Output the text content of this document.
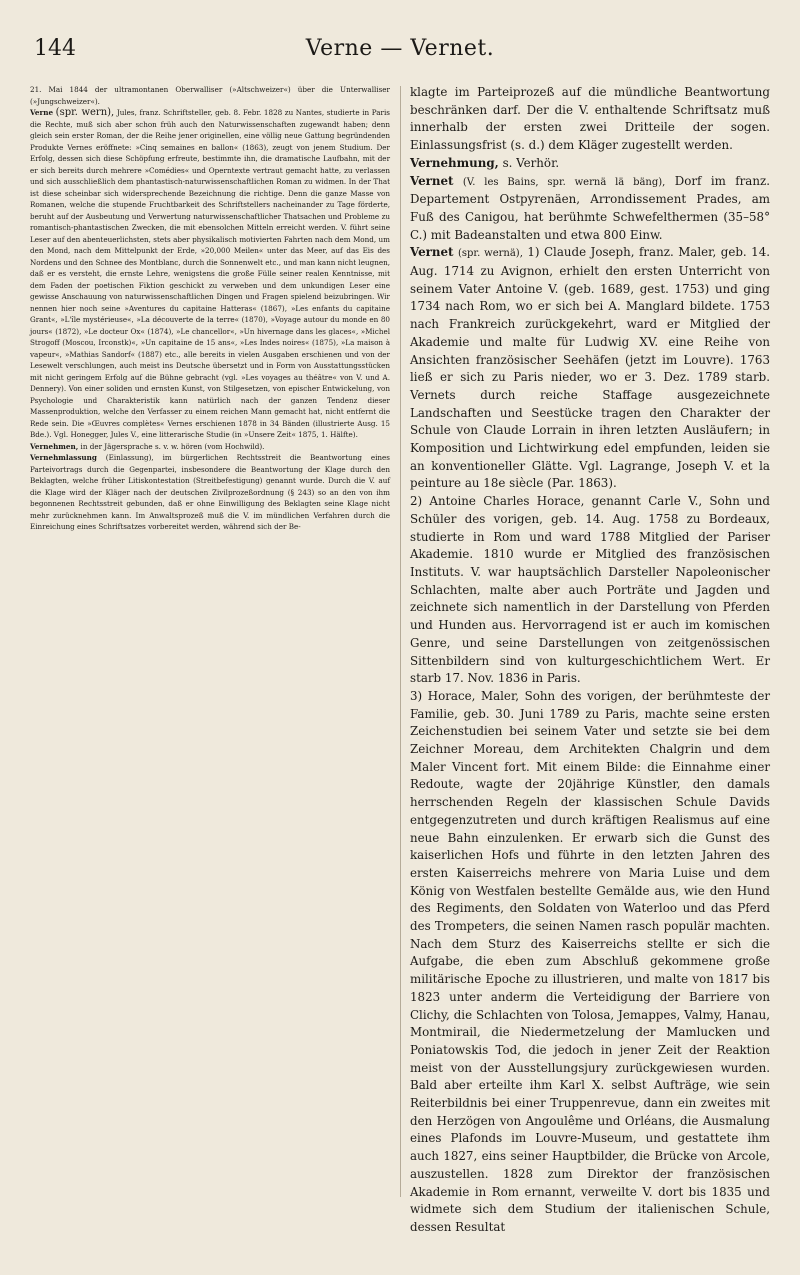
144	Verne — Vernet.

21. Mai 1844 der ultramontanen Oberwalliser (»Altschweizer«) über die Unterwalliser (»Jungschweizer«).

Verne (spr. wern), Jules, franz. Schriftsteller, geb. 8. Febr. 1828 zu Nantes, studierte in Paris die Rechte, muß sich aber schon früh auch den Naturwissenschaften zugewandt haben; denn gleich sein erster Roman, der die Reihe jener originellen, eine völlig neue Gattung begründenden Produkte Vernes eröffnete: »Cinq semaines en ballon« (1863), zeugt von jenem Studium. Der Erfolg, dessen sich diese Schöpfung erfreute, bestimmte ihn, die dramatische Laufbahn, mit der er sich bereits durch mehrere »Comédies« und Operntexte vertraut gemacht hatte, zu verlassen und sich ausschließlich dem phantastisch-naturwissenschaftlichen Roman zu widmen. In der That ist diese scheinbar sich widersprechende Bezeichnung die richtige. Denn die ganze Masse von Romanen, welche die stupende Fruchtbarkeit des Schriftstellers nacheinander zu Tage förderte, beruht auf der Ausbeutung und Verwertung naturwissenschaftlicher Thatsachen und Probleme zu romantisch-phantastischen Zwecken, die mit ebensolchen Mitteln erreicht werden. V. führt seine Leser auf den abenteuerlichsten, stets aber physikalisch motivierten Fahrten nach dem Mond, um den Mond, nach dem Mittelpunkt der Erde, »20,000 Meilen« unter das Meer, auf das Eis des Nordens und den Schnee des Montblanc, durch die Sonnenwelt etc., und man kann nicht leugnen, daß er es versteht, die ernste Lehre, wenigstens die große Fülle seiner realen Kenntnisse, mit dem Faden der poetischen Fiktion geschickt zu verweben und dem unkundigen Leser eine gewisse Anschauung von naturwissenschaftlichen Dingen und Fragen spielend beizubringen. Wir nennen hier noch seine »Aventures du capitaine Hatteras« (1867), »Les enfants du capitaine Grant«, »L'île mystérieuse«, »La découverte de la terre« (1870), »Voyage autour du monde en 80 jours« (1872), »Le docteur Ox« (1874), »Le chancellor«, »Un hivernage dans les glaces«, »Michel Strogoff (Moscou, Irconstk)«, »Un capitaine de 15 ans«, »Les Indes noires« (1875), »La maison à vapeur«, »Mathias Sandorf« (1887) etc., alle bereits in vielen Ausgaben erschienen und von der Lesewelt verschlungen, auch meist ins Deutsche übersetzt und in Form von Ausstattungsstücken mit nicht geringem Erfolg auf die Bühne gebracht (vgl. »Les voyages au théâtre« von V. und A. Dennery). Von einer soliden und ernsten Kunst, von Stilgesetzen, von epischer Entwickelung, von Psychologie und Charakteristik kann natürlich nach der ganzen Tendenz dieser Massenproduktion, welche den Verfasser zu einem reichen Mann gemacht hat, nicht entfernt die Rede sein. Die »Œuvres complètes« Vernes erschienen 1878 in 34 Bänden (illustrierte Ausg. 15 Bde.). Vgl. Honegger, Jules V., eine litterarische Studie (in »Unsere Zeit« 1875, 1. Hälfte).

Vernehmen, in der Jägersprache s. v. w. hören (vom Hochwild).

Vernehmlassung (Einlassung), im bürgerlichen Rechtsstreit die Beantwortung eines Parteivortrags durch die Gegenpartei, insbesondere die Beantwortung der Klage durch den Beklagten, welche früher Litiskontestation (Streitbefestigung) genannt wurde. Durch die V. auf die Klage wird der Kläger nach der deutschen Zivilprozeßordnung (§ 243) so an den von ihm begonnenen Rechtsstreit gebunden, daß er ohne Einwilligung des Beklagten seine Klage nicht mehr zurücknehmen kann. Im Anwaltsprozeß muß die V. im mündlichen Verfahren durch die Einreichung eines Schriftsatzes vorbereitet werden, während sich der Be-

klagte im Parteiprozeß auf die mündliche Beantwortung beschränken darf. Der die V. enthaltende Schriftsatz muß innerhalb der ersten zwei Dritteile der sogen. Einlassungsfrist (s. d.) dem Kläger zugestellt werden.

Vernehmung, s. Verhör.

Vernet (V. les Bains, spr. wernä lä bäng), Dorf im franz. Departement Ostpyrenäen, Arrondissement Prades, am Fuß des Canigou, hat berühmte Schwefelthermen (35–58° C.) mit Badeanstalten und etwa 800 Einw.

Vernet (spr. wernä), 1) Claude Joseph, franz. Maler, geb. 14. Aug. 1714 zu Avignon, erhielt den ersten Unterricht von seinem Vater Antoine V. (geb. 1689, gest. 1753) und ging 1734 nach Rom, wo er sich bei A. Manglard bildete. 1753 nach Frankreich zurückgekehrt, ward er Mitglied der Akademie und malte für Ludwig XV. eine Reihe von Ansichten französischer Seehäfen (jetzt im Louvre). 1763 ließ er sich zu Paris nieder, wo er 3. Dez. 1789 starb. Vernets durch reiche Staffage ausgezeichnete Landschaften und Seestücke tragen den Charakter der Schule von Claude Lorrain in ihren letzten Ausläufern; in Komposition und Lichtwirkung edel empfunden, leiden sie an konventioneller Glätte. Vgl. Lagrange, Joseph V. et la peinture au 18e siècle (Par. 1863).

2) Antoine Charles Horace, genannt Carle V., Sohn und Schüler des vorigen, geb. 14. Aug. 1758 zu Bordeaux, studierte in Rom und ward 1788 Mitglied der Pariser Akademie. 1810 wurde er Mitglied des französischen Instituts. V. war hauptsächlich Darsteller Napoleonischer Schlachten, malte aber auch Porträte und Jagden und zeichnete sich namentlich in der Darstellung von Pferden und Hunden aus. Hervorragend ist er auch im komischen Genre, und seine Darstellungen von zeitgenössischen Sittenbildern sind von kulturgeschichtlichem Wert. Er starb 17. Nov. 1836 in Paris.

3) Horace, Maler, Sohn des vorigen, der berühmteste der Familie, geb. 30. Juni 1789 zu Paris, machte seine ersten Zeichenstudien bei seinem Vater und setzte sie bei dem Zeichner Moreau, dem Architekten Chalgrin und dem Maler Vincent fort. Mit einem Bilde: die Einnahme einer Redoute, wagte der 20jährige Künstler, den damals herrschenden Regeln der klassischen Schule Davids entgegenzutreten und durch kräftigen Realismus auf eine neue Bahn einzulenken. Er erwarb sich die Gunst des kaiserlichen Hofs und führte in den letzten Jahren des ersten Kaiserreichs mehrere von Maria Luise und dem König von Westfalen bestellte Gemälde aus, wie den Hund des Regiments, den Soldaten von Waterloo und das Pferd des Trompeters, die seinen Namen rasch populär machten. Nach dem Sturz des Kaiserreichs stellte er sich die Aufgabe, die eben zum Abschluß gekommene große militärische Epoche zu illustrieren, und malte von 1817 bis 1823 unter anderm die Verteidigung der Barriere von Clichy, die Schlachten von Tolosa, Jemappes, Valmy, Hanau, Montmirail, die Niedermetzelung der Mamlucken und Poniatowskis Tod, die jedoch in jener Zeit der Reaktion meist von der Ausstellungsjury zurückgewiesen wurden. Bald aber erteilte ihm Karl X. selbst Aufträge, wie sein Reiterbildnis bei einer Truppenrevue, dann ein zweites mit den Herzögen von Angoulême und Orléans, die Ausmalung eines Plafonds im Louvre-Museum, und gestattete ihm auch 1827, eins seiner Hauptbilder, die Brücke von Arcole, auszustellen. 1828 zum Direktor der französischen Akademie in Rom ernannt, verweilte V. dort bis 1835 und widmete sich dem Studium der italienischen Schule, dessen Resultat
